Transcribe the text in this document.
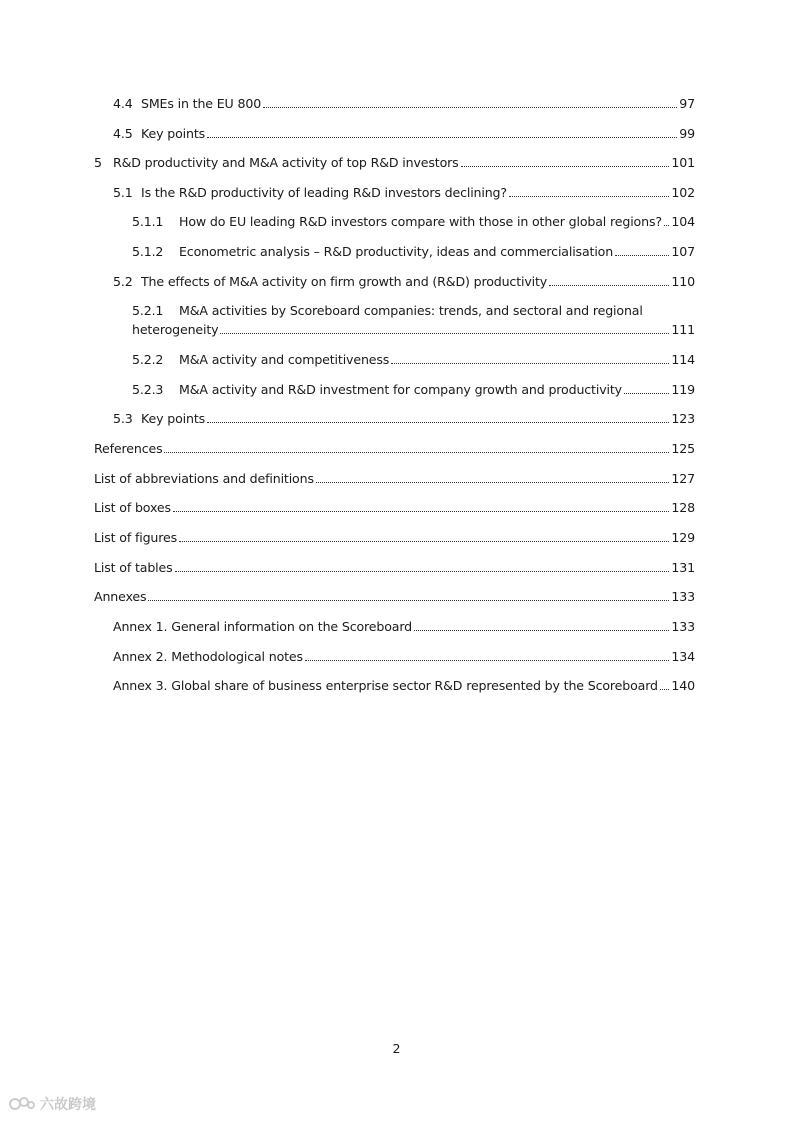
4.4 SMEs in the EU 800	97
4.5 Key points	99
5 R&D productivity and M&A activity of top R&D investors	101
5.1 Is the R&D productivity of leading R&D investors declining?	102
5.1.1	How do EU leading R&D investors compare with those in other global regions? 104
5.1.2	Econometric analysis – R&D productivity, ideas and commercialisation	107
5.2 The effects of M&A activity on firm growth and (R&D) productivity	110
5.2.1 M&A activities by Scoreboard companies: trends, and sectoral and regional
heterogeneity	111
5.2.2	M&A activity and competitiveness	114
5.2.3	M&A activity and R&D investment for company growth and productivity	119
5.3 Key points	123
References	125
List of abbreviations and definitions	127
List of boxes	128
List of figures	129
List of tables	131
Annexes	133
Annex 1. General information on the Scoreboard	133
Annex 2. Methodological notes	134
Annex 3. Global share of business enterprise sector R&D represented by the Scoreboard 140
2
六故跨境
